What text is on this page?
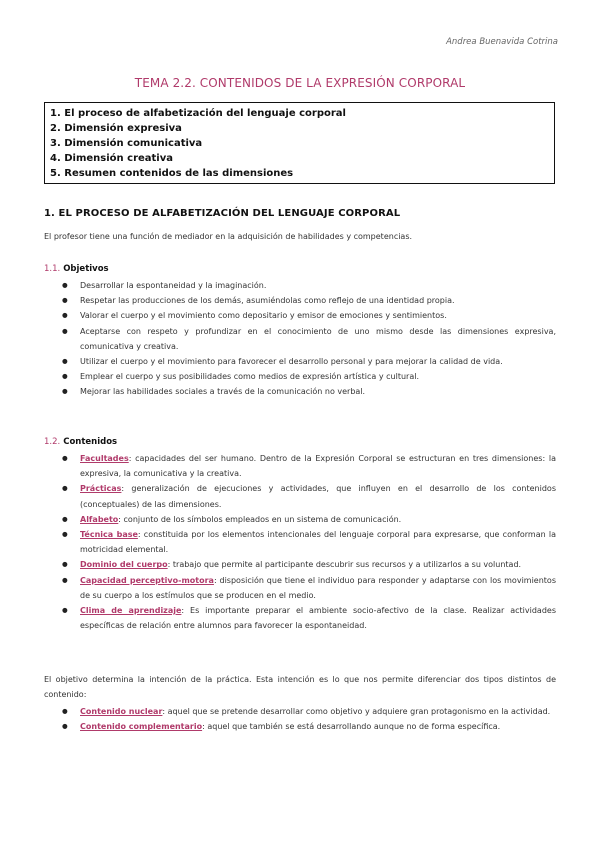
Andrea Buenavida Cotrina
TEMA 2.2. CONTENIDOS DE LA EXPRESIÓN CORPORAL
1. El proceso de alfabetización del lenguaje corporal
2. Dimensión expresiva
3. Dimensión comunicativa
4. Dimensión creativa
5. Resumen contenidos de las dimensiones
1. EL PROCESO DE ALFABETIZACIÓN DEL LENGUAJE CORPORAL
El profesor tiene una función de mediador en la adquisición de habilidades y competencias.
1.1. Objetivos
● Desarrollar la espontaneidad y la imaginación.
● Respetar las producciones de los demás, asumiéndolas como reflejo de una identidad propia.
● Valorar el cuerpo y el movimiento como depositario y emisor de emociones y sentimientos.
● Aceptarse con respeto y profundizar en el conocimiento de uno mismo desde las dimensiones expresiva, comunicativa y creativa.
● Utilizar el cuerpo y el movimiento para favorecer el desarrollo personal y para mejorar la calidad de vida.
● Emplear el cuerpo y sus posibilidades como medios de expresión artística y cultural.
● Mejorar las habilidades sociales a través de la comunicación no verbal.
1.2. Contenidos
● Facultades: capacidades del ser humano. Dentro de la Expresión Corporal se estructuran en tres dimensiones: la expresiva, la comunicativa y la creativa.
● Prácticas: generalización de ejecuciones y actividades, que influyen en el desarrollo de los contenidos (conceptuales) de las dimensiones.
● Alfabeto: conjunto de los símbolos empleados en un sistema de comunicación.
● Técnica base: constituida por los elementos intencionales del lenguaje corporal para expresarse, que conforman la motricidad elemental.
● Dominio del cuerpo: trabajo que permite al participante descubrir sus recursos y a utilizarlos a su voluntad.
● Capacidad perceptivo-motora: disposición que tiene el individuo para responder y adaptarse con los movimientos de su cuerpo a los estímulos que se producen en el medio.
● Clima de aprendizaje: Es importante preparar el ambiente socio-afectivo de la clase. Realizar actividades específicas de relación entre alumnos para favorecer la espontaneidad.
El objetivo determina la intención de la práctica. Esta intención es lo que nos permite diferenciar dos tipos distintos de contenido:
● Contenido nuclear: aquel que se pretende desarrollar como objetivo y adquiere gran protagonismo en la actividad.
● Contenido complementario: aquel que también se está desarrollando aunque no de forma específica.
